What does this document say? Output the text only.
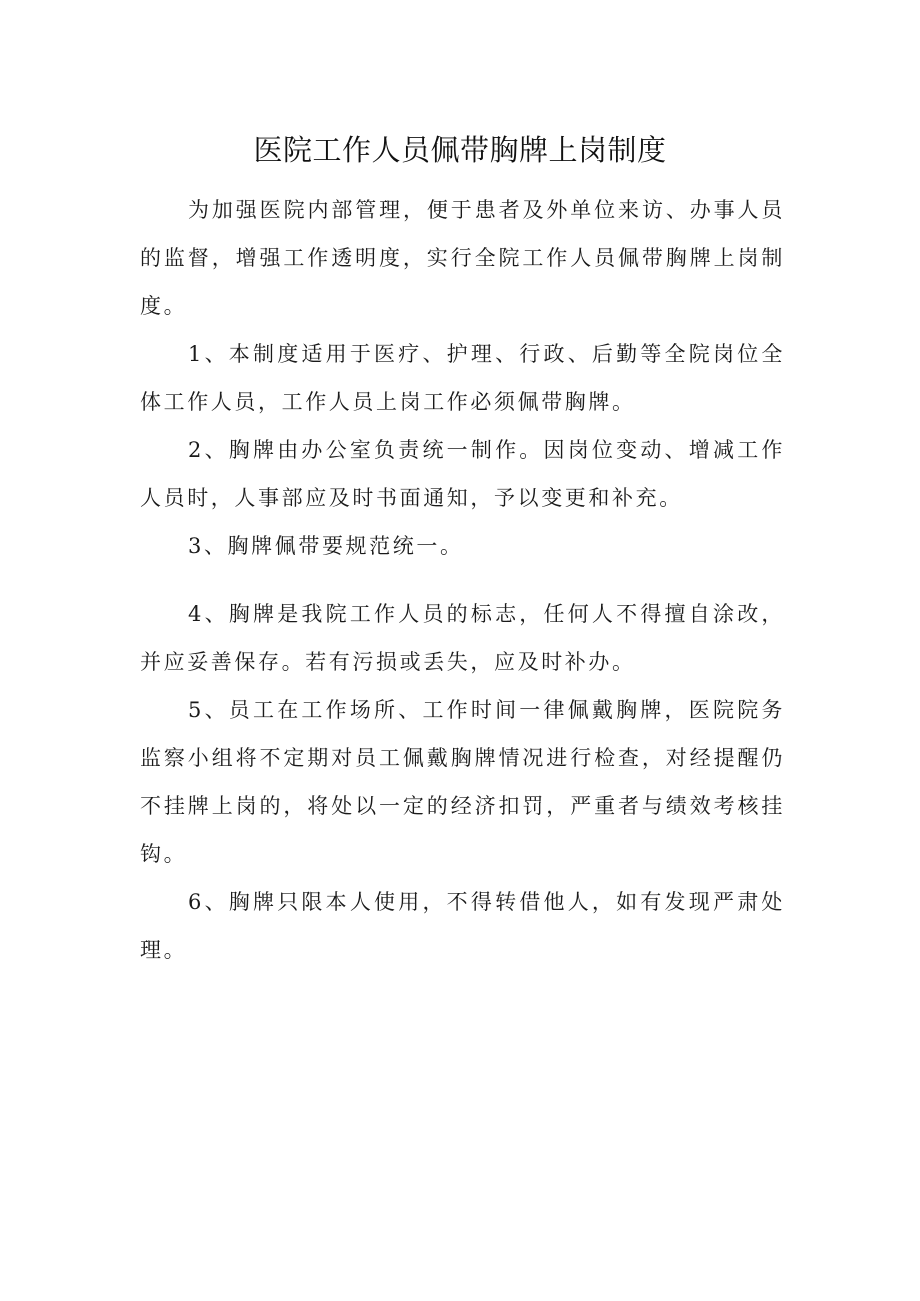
医院工作人员佩带胸牌上岗制度

为加强医院内部管理，便于患者及外单位来访、办事人员的监督，增强工作透明度，实行全院工作人员佩带胸牌上岗制度。

1、本制度适用于医疗、护理、行政、后勤等全院岗位全体工作人员，工作人员上岗工作必须佩带胸牌。

2、胸牌由办公室负责统一制作。因岗位变动、增减工作人员时，人事部应及时书面通知，予以变更和补充。

3、胸牌佩带要规范统一。

4、胸牌是我院工作人员的标志，任何人不得擅自涂改，并应妥善保存。若有污损或丢失，应及时补办。

5、员工在工作场所、工作时间一律佩戴胸牌，医院院务监察小组将不定期对员工佩戴胸牌情况进行检查，对经提醒仍不挂牌上岗的，将处以一定的经济扣罚，严重者与绩效考核挂钩。

6、胸牌只限本人使用，不得转借他人，如有发现严肃处理。
